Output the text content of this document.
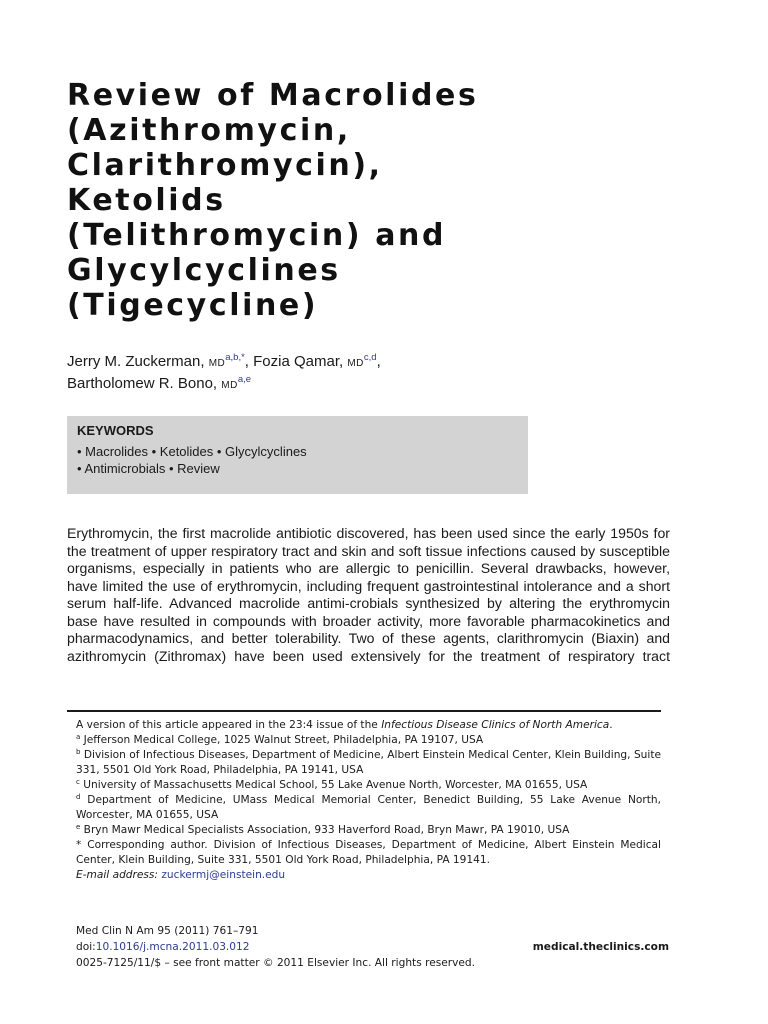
Review of Macrolides
(Azithromycin,
Clarithromycin),
Ketolids
(Telithromycin) and
Glycylcyclines
(Tigecycline)
Jerry M. Zuckerman, $MD^{a,b,*}$, Fozia Qamar, MD$^{c,d}$,
Bartholomew R. Bono, MD$^{a,e}$
KEYWORDS
• Macrolides • Ketolides • Glycylcyclines
• Antimicrobials • Review

Erythromycin, the first macrolide antibiotic discovered, has been used since the early 1950s for the treatment of upper respiratory tract and skin and soft tissue infections caused by susceptible organisms, especially in patients who are allergic to penicillin. Several drawbacks, however, have limited the use of erythromycin, including frequent gastrointestinal intolerance and a short serum half-life. Advanced macrolide antimi-crobials synthesized by altering the erythromycin base have resulted in compounds with broader activity, more favorable pharmacokinetics and pharmacodynamics, and better tolerability. Two of these agents, clarithromycin (Biaxin) and azithromycin (Zithromax) have been used extensively for the treatment of respiratory tract

A version of this article appeared in the 23:4 issue of the Infectious Disease Clinics of North America.

$^a$ Jefferson Medical College, 1025 Walnut Street, Philadelphia, PA 19107, USA

$^b$ Division of Infectious Diseases, Department of Medicine, Albert Einstein Medical Center, Klein Building, Suite 331, 5501 Old York Road, Philadelphia, PA 19141, USA

$^c$ University of Massachusetts Medical School, 55 Lake Avenue North, Worcester, MA 01655, USA

$^d$ Department of Medicine, UMass Medical Memorial Center, Benedict Building, 55 Lake Avenue North, Worcester, MA 01655, USA

$^e$ Bryn Mawr Medical Specialists Association, 933 Haverford Road, Bryn Mawr, PA 19010, USA

* Corresponding author. Division of Infectious Diseases, Department of Medicine, Albert Einstein Medical Center, Klein Building, Suite 331, 5501 Old York Road, Philadelphia, PA 19141.

E-mail address: zuckermj@einstein.edu

Med Clin N Am 95 (2011) 761–791
doi:10.1016/j.mcna.2011.03.012
0025-7125/11/$ – see front matter © 2011 Elsevier Inc. All rights reserved.
medical.theclinics.com
